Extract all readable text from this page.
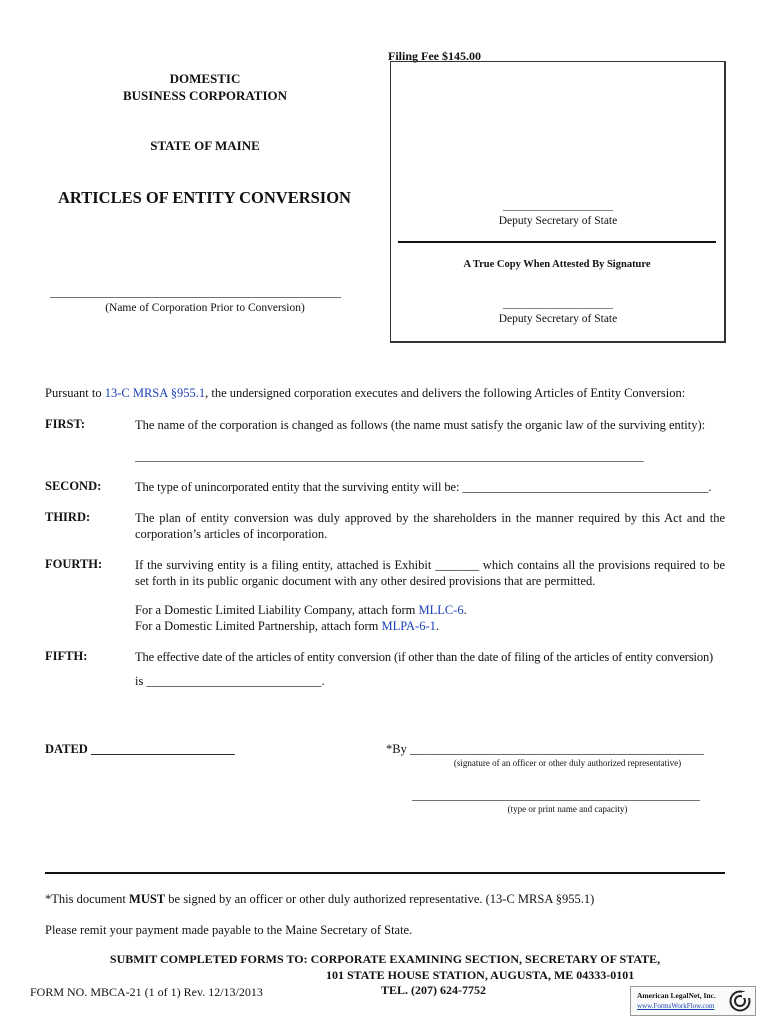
Filing Fee $145.00
DOMESTIC
BUSINESS CORPORATION
STATE OF MAINE
ARTICLES OF ENTITY CONVERSION
___________________________________________________
(Name of Corporation Prior to Conversion)
____________________
Deputy Secretary of State
A True Copy When Attested By Signature
____________________
Deputy Secretary of State
Pursuant to 13-C MRSA §955.1, the undersigned corporation executes and delivers the following Articles of Entity Conversion:
FIRST:	The name of the corporation is changed as follows (the name must satisfy the organic law of the surviving entity):
__________________________________________________________________________________________
SECOND:	The type of unincorporated entity that the surviving entity will be: ________________________________________.
THIRD:	The plan of entity conversion was duly approved by the shareholders in the manner required by this Act and the corporation’s articles of incorporation.
FOURTH:	If the surviving entity is a filing entity, attached is Exhibit _______ which contains all the provisions required to be set forth in its public organic document with any other desired provisions that are permitted.
For a Domestic Limited Liability Company, attach form MLLC-6.
For a Domestic Limited Partnership, attach form MLPA-6-1.
FIFTH:	The effective date of the articles of entity conversion (if other than the date of filing of the articles of entity conversion)
is ____________________________.
DATED _______________________	*By _______________________________________________
(signature of an officer or other duly authorized representative)
________________________________________________
(type or print name and capacity)
*This document MUST be signed by an officer or other duly authorized representative. (13-C MRSA §955.1)
Please remit your payment made payable to the Maine Secretary of State.
SUBMIT COMPLETED FORMS TO: CORPORATE EXAMINING SECTION, SECRETARY OF STATE,
101 STATE HOUSE STATION, AUGUSTA, ME 04333-0101
TEL. (207) 624-7752
FORM NO. MBCA-21 (1 of 1) Rev. 12/13/2013	American LegalNet, Inc.
www.FormsWorkFlow.com
